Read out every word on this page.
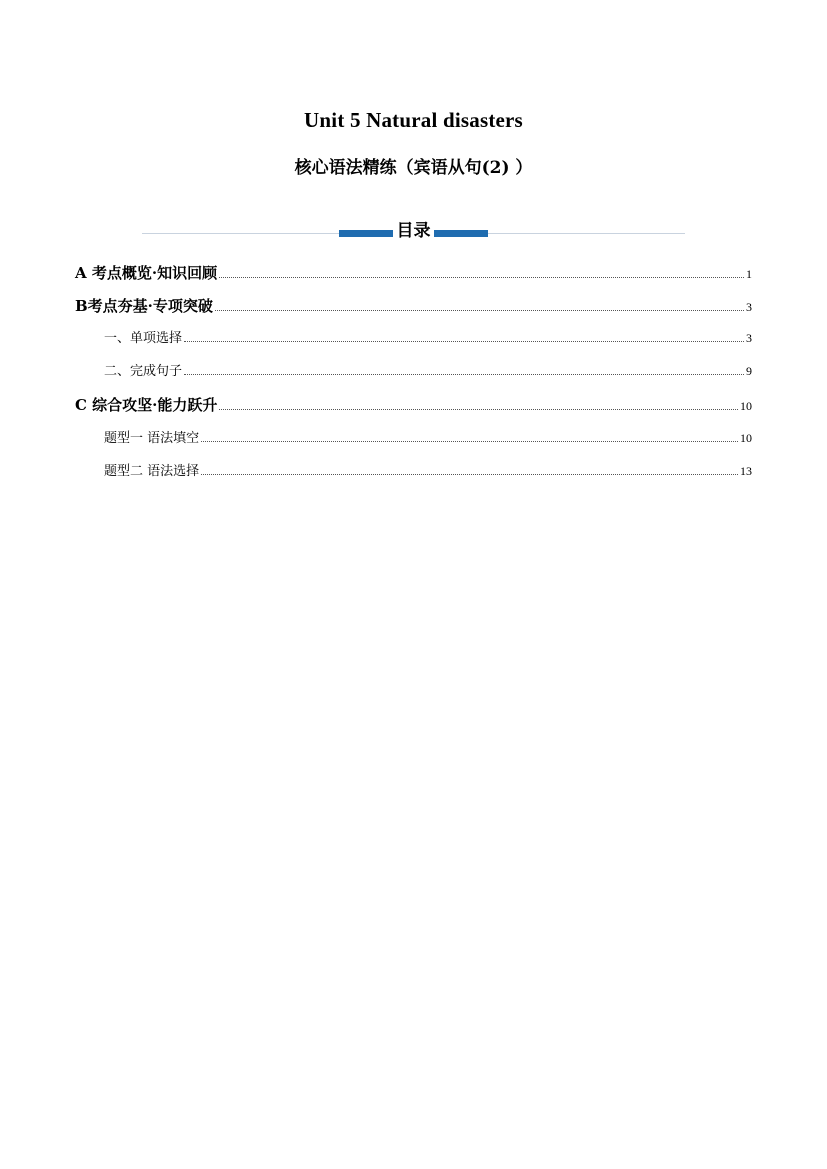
Unit 5 Natural disasters
核心语法精练（宾语从句(2) ）
目录
A 考点概览·知识回顾	1
B考点夯基·专项突破	3
一、单项选择	3
二、完成句子	9
C 综合攻坚·能力跃升	10
题型一 语法填空	10
题型二 语法选择	13
